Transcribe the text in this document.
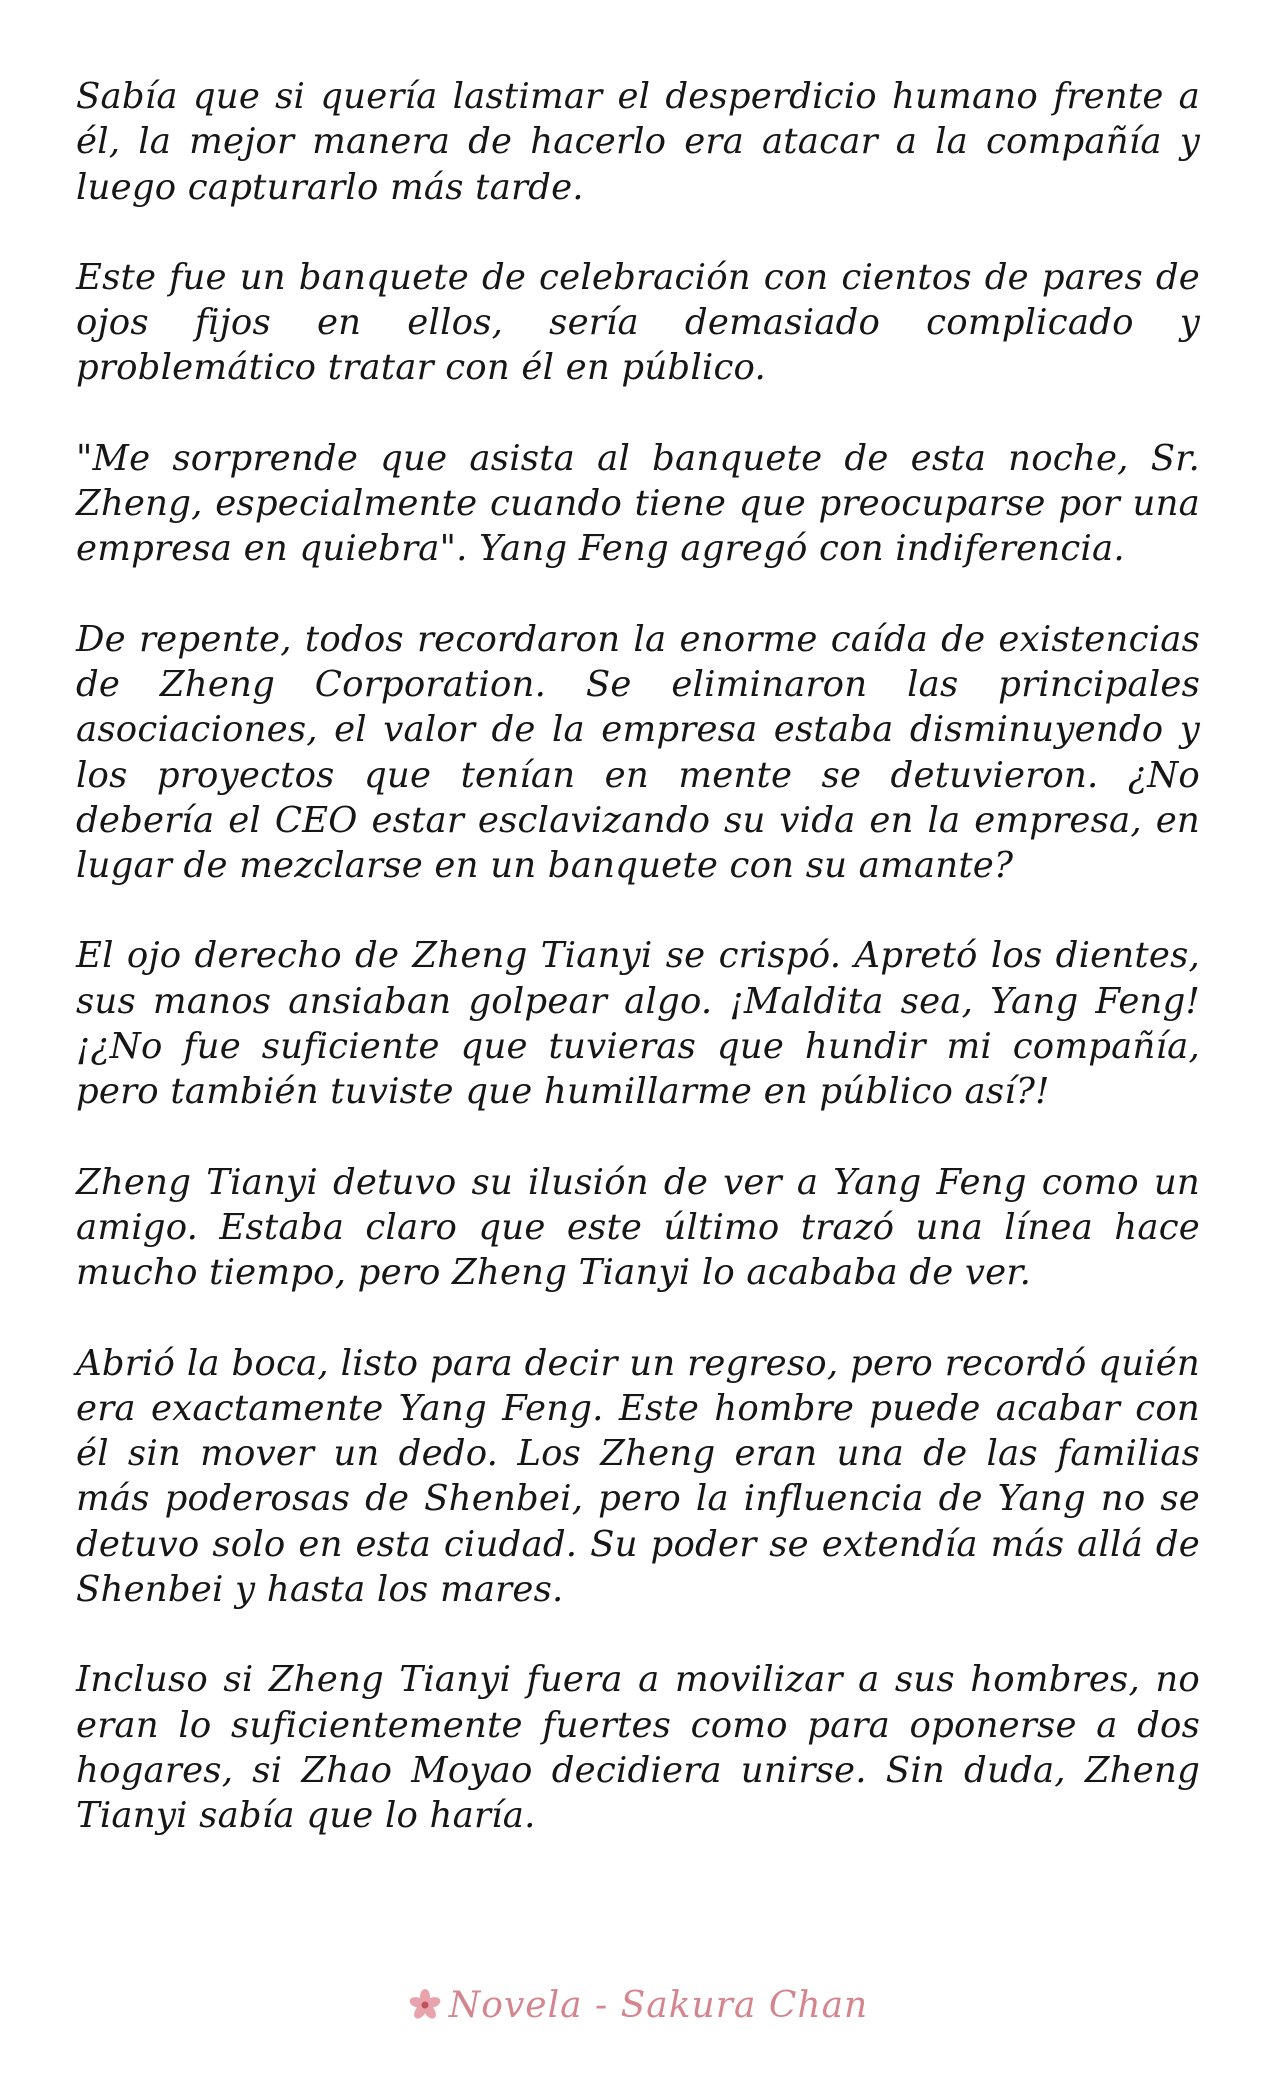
Sabía que si quería lastimar el desperdicio humano frente a él, la mejor manera de hacerlo era atacar a la compañía y luego capturarlo más tarde.

Este fue un banquete de celebración con cientos de pares de ojos fijos en ellos, sería demasiado complicado y problemático tratar con él en público.

"Me sorprende que asista al banquete de esta noche, Sr. Zheng, especialmente cuando tiene que preocuparse por una empresa en quiebra". Yang Feng agregó con indiferencia.

De repente, todos recordaron la enorme caída de existencias de Zheng Corporation. Se eliminaron las principales asociaciones, el valor de la empresa estaba disminuyendo y los proyectos que tenían en mente se detuvieron. ¿No debería el CEO estar esclavizando su vida en la empresa, en lugar de mezclarse en un banquete con su amante?

El ojo derecho de Zheng Tianyi se crispó. Apretó los dientes, sus manos ansiaban golpear algo. ¡Maldita sea, Yang Feng! ¡¿No fue suficiente que tuvieras que hundir mi compañía, pero también tuviste que humillarme en público así?!

Zheng Tianyi detuvo su ilusión de ver a Yang Feng como un amigo. Estaba claro que este último trazó una línea hace mucho tiempo, pero Zheng Tianyi lo acababa de ver.

Abrió la boca, listo para decir un regreso, pero recordó quién era exactamente Yang Feng. Este hombre puede acabar con él sin mover un dedo. Los Zheng eran una de las familias más poderosas de Shenbei, pero la influencia de Yang no se detuvo solo en esta ciudad. Su poder se extendía más allá de Shenbei y hasta los mares.

Incluso si Zheng Tianyi fuera a movilizar a sus hombres, no eran lo suficientemente fuertes como para oponerse a dos hogares, si Zhao Moyao decidiera unirse. Sin duda, Zheng Tianyi sabía que lo haría.

Novela - Sakura Chan
